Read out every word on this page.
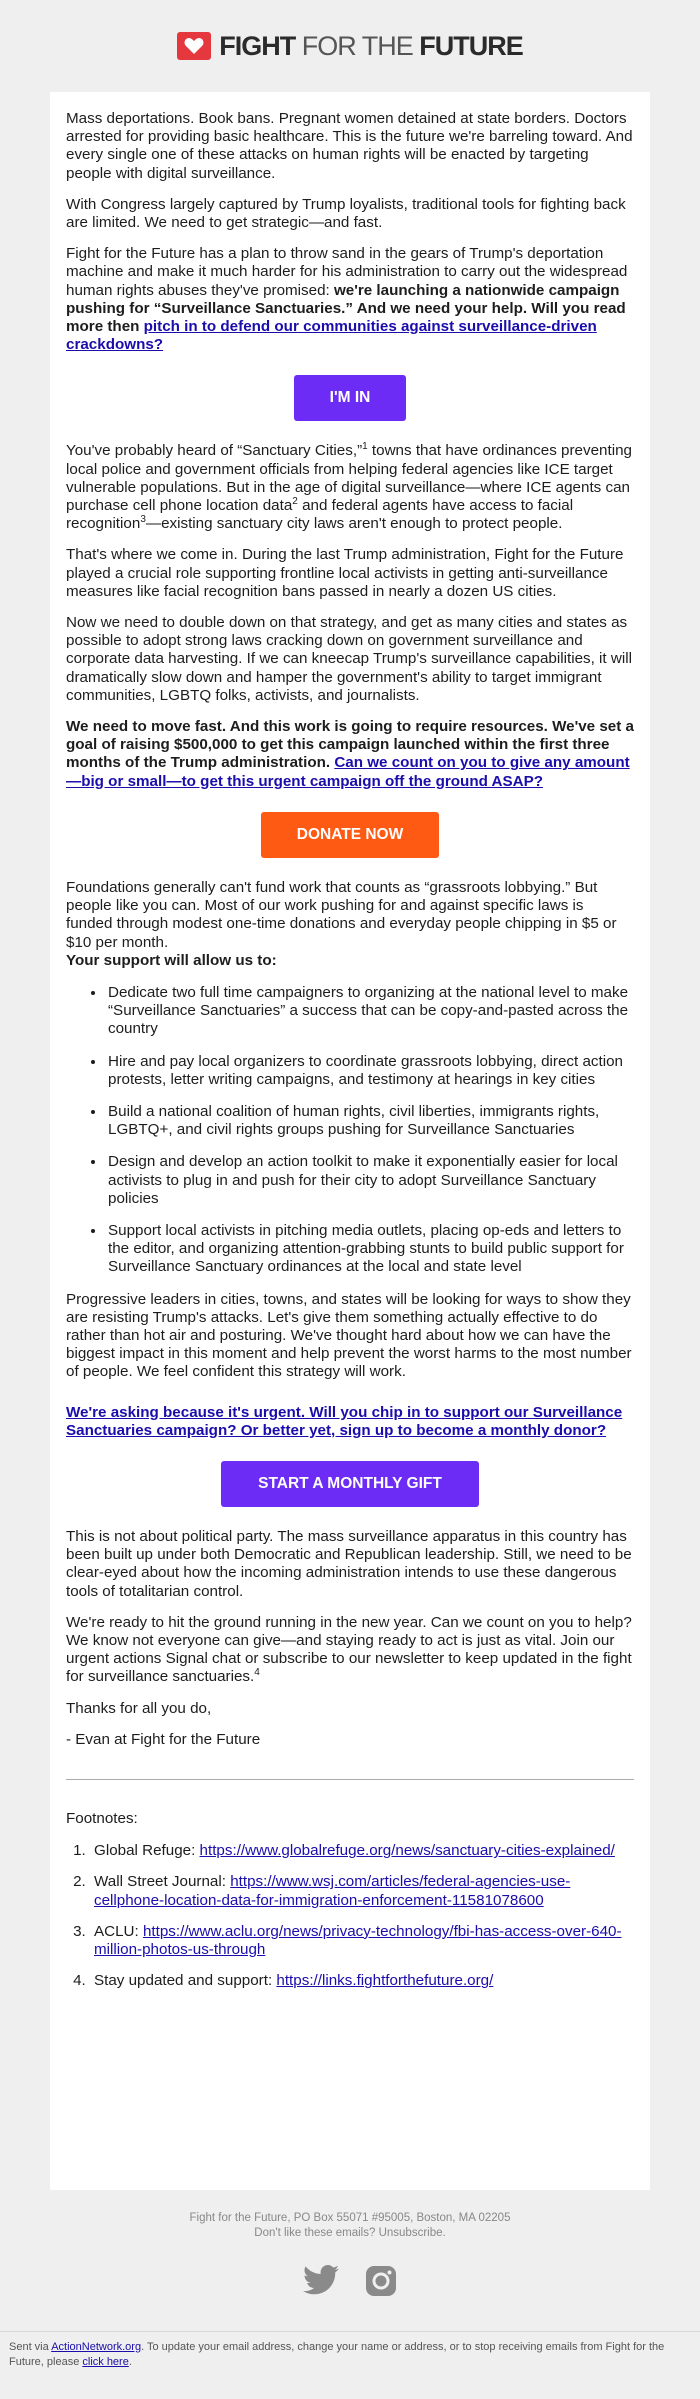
FIGHT FOR THE FUTURE

Mass deportations. Book bans. Pregnant women detained at state borders. Doctors arrested for providing basic healthcare. This is the future we're barreling toward. And every single one of these attacks on human rights will be enacted by targeting people with digital surveillance.

With Congress largely captured by Trump loyalists, traditional tools for fighting back are limited. We need to get strategic—and fast.

Fight for the Future has a plan to throw sand in the gears of Trump's deportation machine and make it much harder for his administration to carry out the widespread human rights abuses they've promised: we're launching a nationwide campaign pushing for “Surveillance Sanctuaries.” And we need your help. Will you read more then pitch in to defend our communities against surveillance-driven crackdowns?

I'M IN

You've probably heard of “Sanctuary Cities,”$^1$ towns that have ordinances preventing local police and government officials from helping federal agencies like ICE target vulnerable populations. But in the age of digital surveillance—where ICE agents can purchase cell phone location data$^2$ and federal agents have access to facial recognition$^3$—existing sanctuary city laws aren't enough to protect people.

That's where we come in. During the last Trump administration, Fight for the Future played a crucial role supporting frontline local activists in getting anti-surveillance measures like facial recognition bans passed in nearly a dozen US cities.

Now we need to double down on that strategy, and get as many cities and states as possible to adopt strong laws cracking down on government surveillance and corporate data harvesting. If we can kneecap Trump's surveillance capabilities, it will dramatically slow down and hamper the government's ability to target immigrant communities, LGBTQ folks, activists, and journalists.

We need to move fast. And this work is going to require resources. We've set a goal of raising $500,000 to get this campaign launched within the first three months of the Trump administration. Can we count on you to give any amount—big or small—to get this urgent campaign off the ground ASAP?

DONATE NOW

Foundations generally can't fund work that counts as “grassroots lobbying.” But people like you can. Most of our work pushing for and against specific laws is funded through modest one-time donations and everyday people chipping in $5 or $10 per month.
Your support will allow us to:

• Dedicate two full time campaigners to organizing at the national level to make “Surveillance Sanctuaries” a success that can be copy-and-pasted across the country
• Hire and pay local organizers to coordinate grassroots lobbying, direct action protests, letter writing campaigns, and testimony at hearings in key cities
• Build a national coalition of human rights, civil liberties, immigrants rights, LGBTQ+, and civil rights groups pushing for Surveillance Sanctuaries
• Design and develop an action toolkit to make it exponentially easier for local activists to plug in and push for their city to adopt Surveillance Sanctuary policies
• Support local activists in pitching media outlets, placing op-eds and letters to the editor, and organizing attention-grabbing stunts to build public support for Surveillance Sanctuary ordinances at the local and state level

Progressive leaders in cities, towns, and states will be looking for ways to show they are resisting Trump's attacks. Let's give them something actually effective to do rather than hot air and posturing. We've thought hard about how we can have the biggest impact in this moment and help prevent the worst harms to the most number of people. We feel confident this strategy will work.

We're asking because it's urgent. Will you chip in to support our Surveillance Sanctuaries campaign? Or better yet, sign up to become a monthly donor?

START A MONTHLY GIFT

This is not about political party. The mass surveillance apparatus in this country has been built up under both Democratic and Republican leadership. Still, we need to be clear-eyed about how the incoming administration intends to use these dangerous tools of totalitarian control.

We're ready to hit the ground running in the new year. Can we count on you to help?
We know not everyone can give—and staying ready to act is just as vital. Join our urgent actions Signal chat or subscribe to our newsletter to keep updated in the fight for surveillance sanctuaries.$^4$

Thanks for all you do,

- Evan at Fight for the Future

Footnotes:

1. Global Refuge: https://www.globalrefuge.org/news/sanctuary-cities-explained/
2. Wall Street Journal: https://www.wsj.com/articles/federal-agencies-use-cellphone-location-data-for-immigration-enforcement-11581078600
3. ACLU: https://www.aclu.org/news/privacy-technology/fbi-has-access-over-640-million-photos-us-through
4. Stay updated and support: https://links.fightforthefuture.org/
Fight for the Future, PO Box 55071 #95005, Boston, MA 02205
Don't like these emails? Unsubscribe.
Sent via ActionNetwork.org. To update your email address, change your name or address, or to stop receiving emails from Fight for the Future, please click here.
